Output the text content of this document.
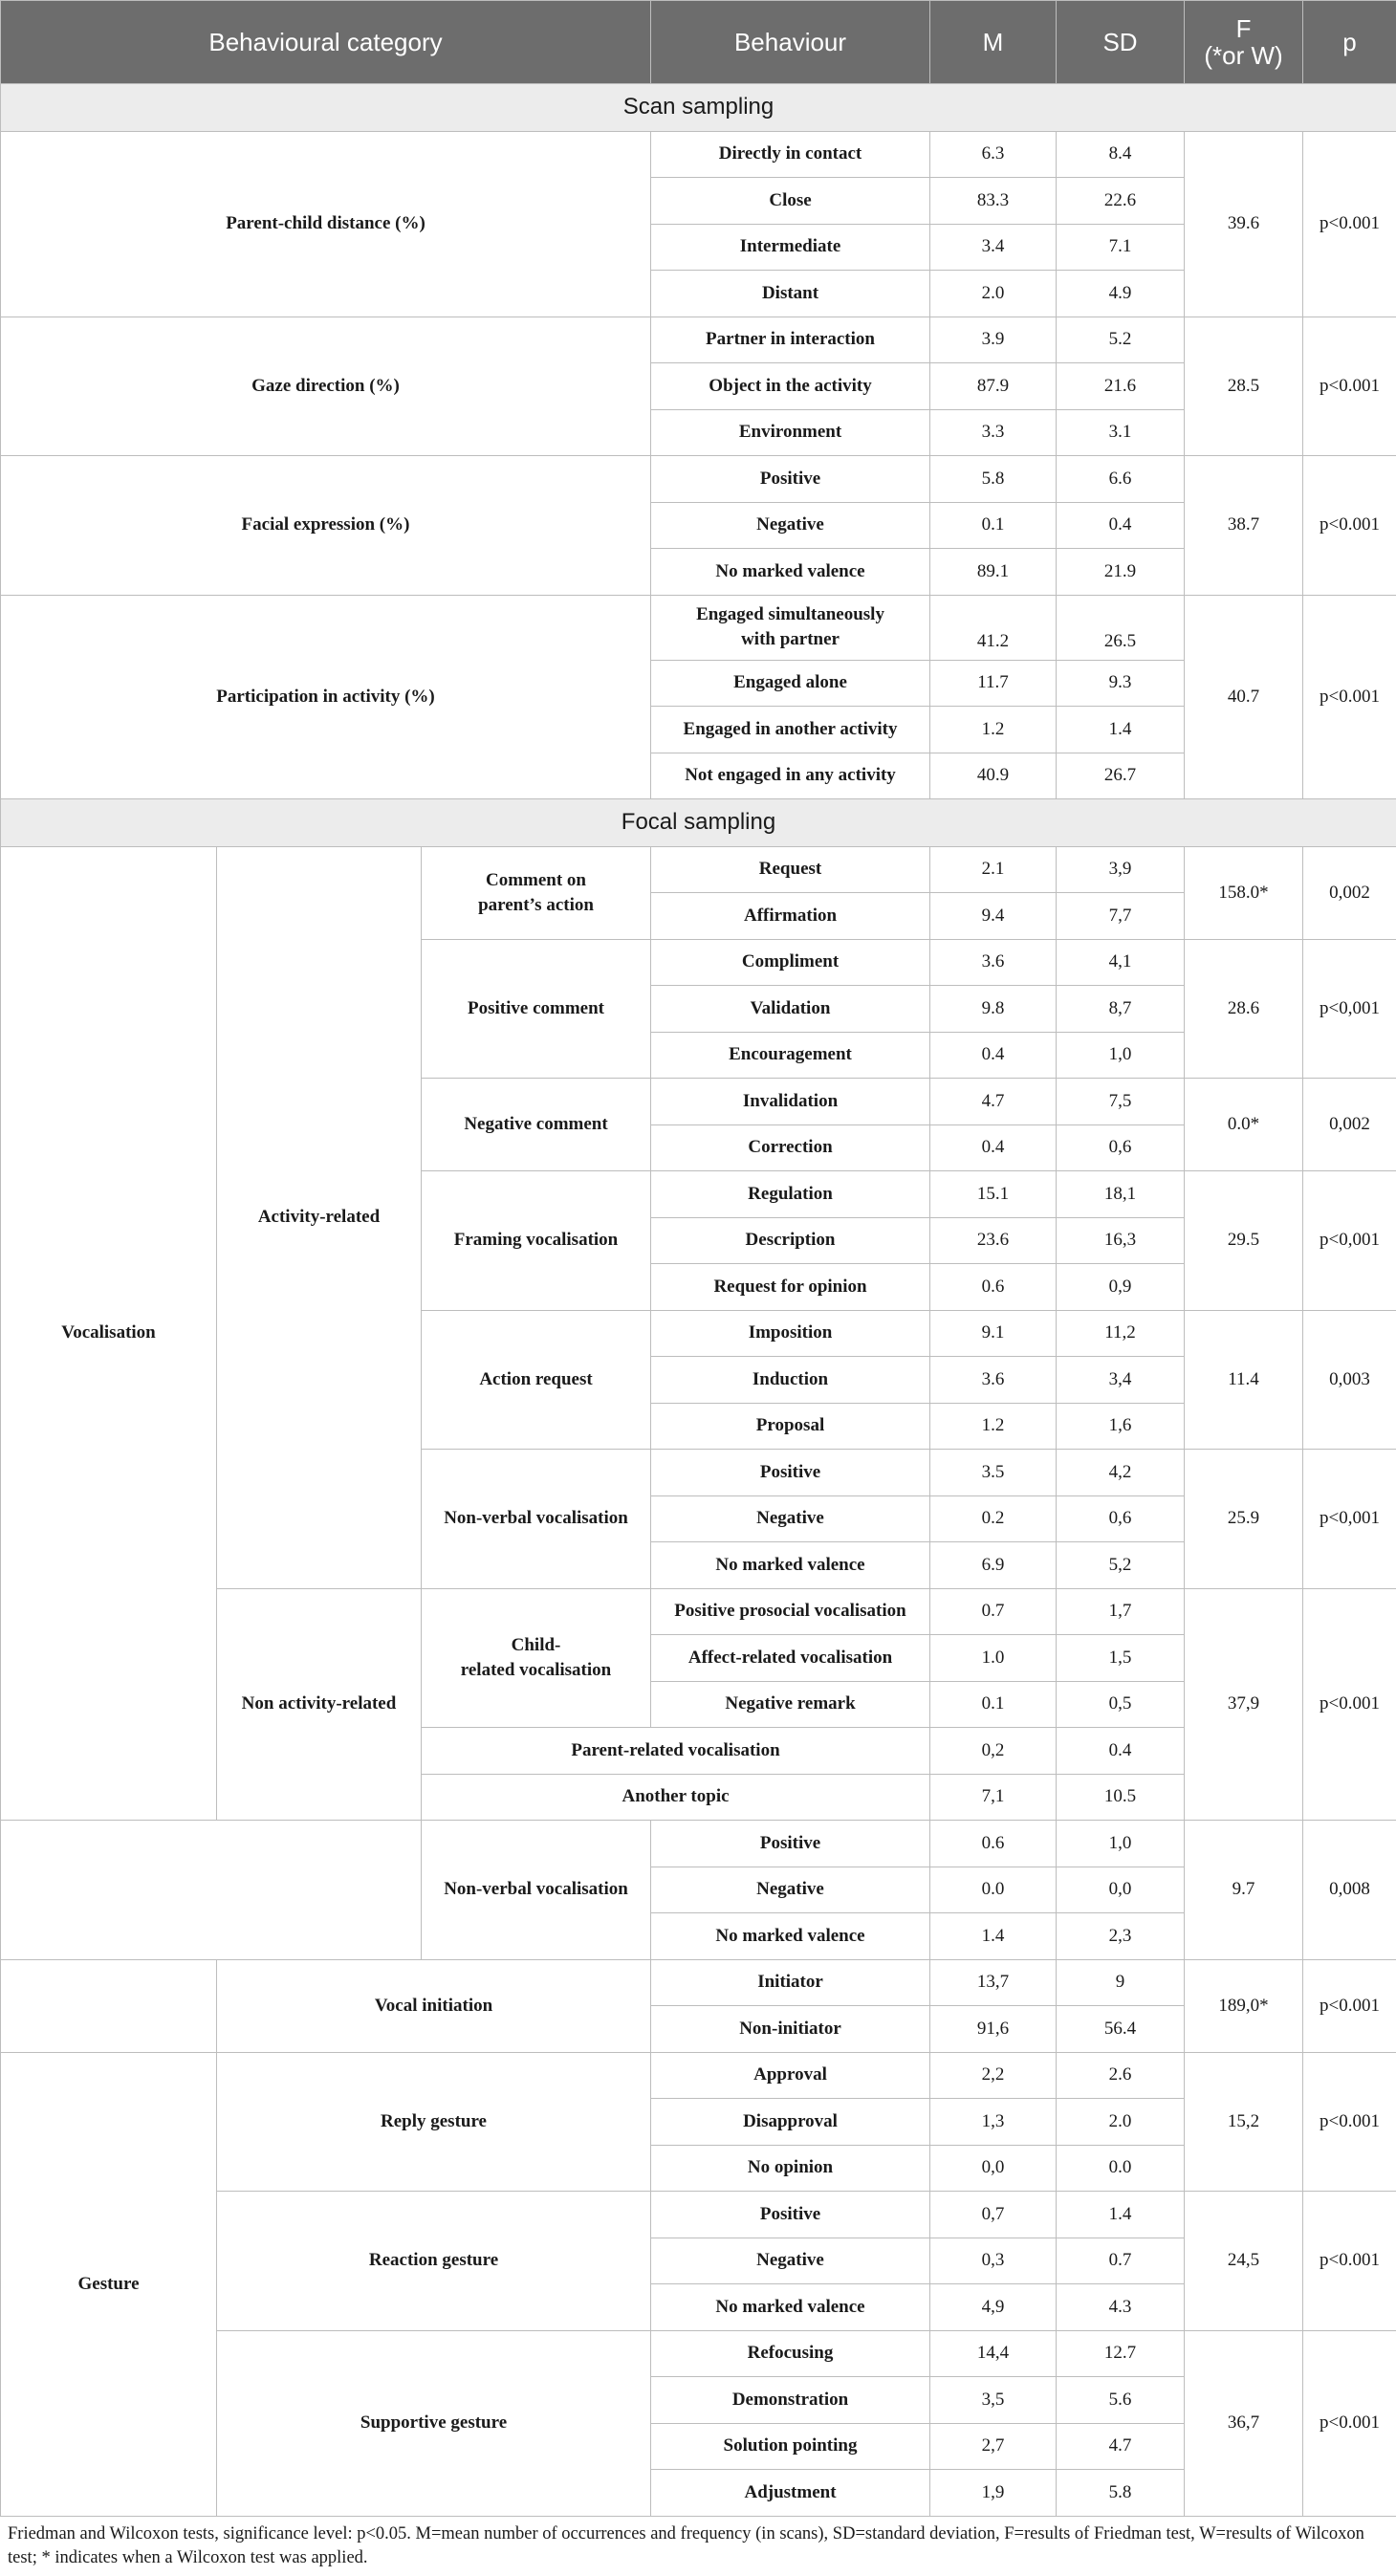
Behavioural category			Behaviour	M	SD	F
(*or W)	p
Scan sampling							
Parent-child distance (%)			Directly in contact	6.3	8.4	39.6	p<0.001
			Close	83.3	22.6		
			Intermediate	3.4	7.1		
			Distant	2.0	4.9		
Gaze direction (%)			Partner in interaction	3.9	5.2	28.5	p<0.001
			Object in the activity	87.9	21.6		
			Environment	3.3	3.1		
Facial expression (%)			Positive	5.8	6.6	38.7	p<0.001
			Negative	0.1	0.4		
			No marked valence	89.1	21.9		
Participation in activity (%)			Engaged simultaneously
with partner	41.2	26.5	40.7	p<0.001
			Engaged alone	11.7	9.3		
			Engaged in another activity	1.2	1.4		
			Not engaged in any activity	40.9	26.7		
Focal sampling							
Vocalisation	Activity-related	Comment on
parent’s action	Request	2.1	3,9	158.0*	0,002
			Affirmation	9.4	7,7		
		Positive comment	Compliment	3.6	4,1	28.6	p<0,001
			Validation	9.8	8,7		
			Encouragement	0.4	1,0		
		Negative comment	Invalidation	4.7	7,5	0.0*	0,002
			Correction	0.4	0,6		
		Framing vocalisation	Regulation	15.1	18,1	29.5	p<0,001
			Description	23.6	16,3		
			Request for opinion	0.6	0,9		
		Action request	Imposition	9.1	11,2	11.4	0,003
			Induction	3.6	3,4		
			Proposal	1.2	1,6		
		Non-verbal vocalisation	Positive	3.5	4,2	25.9	p<0,001
			Negative	0.2	0,6		
			No marked valence	6.9	5,2		
	Non activity-related	Child-
related vocalisation	Positive prosocial vocalisation	0.7	1,7	37,9	p<0.001
			Affect-related vocalisation	1.0	1,5		
			Negative remark	0.1	0,5		
		Parent-related vocalisation		0,2	0.4		
		Another topic		7,1	10.5		
		Non-verbal vocalisation	Positive	0.6	1,0	9.7	0,008
			Negative	0.0	0,0		
			No marked valence	1.4	2,3		
	Vocal initiation		Initiator	13,7	9	189,0*	p<0.001
			Non-initiator	91,6	56.4		
Gesture	Reply gesture		Approval	2,2	2.6	15,2	p<0.001
			Disapproval	1,3	2.0		
			No opinion	0,0	0.0		
	Reaction gesture		Positive	0,7	1.4	24,5	p<0.001
			Negative	0,3	0.7		
			No marked valence	4,9	4.3		
	Supportive gesture		Refocusing	14,4	12.7	36,7	p<0.001
			Demonstration	3,5	5.6		
			Solution pointing	2,7	4.7		
			Adjustment	1,9	5.8		
Friedman and Wilcoxon tests, significance level: p<0.05. M=mean number of occurrences and frequency (in scans), SD=standard deviation, F=results of Friedman test, W=results of Wilcoxon test; * indicates when a Wilcoxon test was applied.
